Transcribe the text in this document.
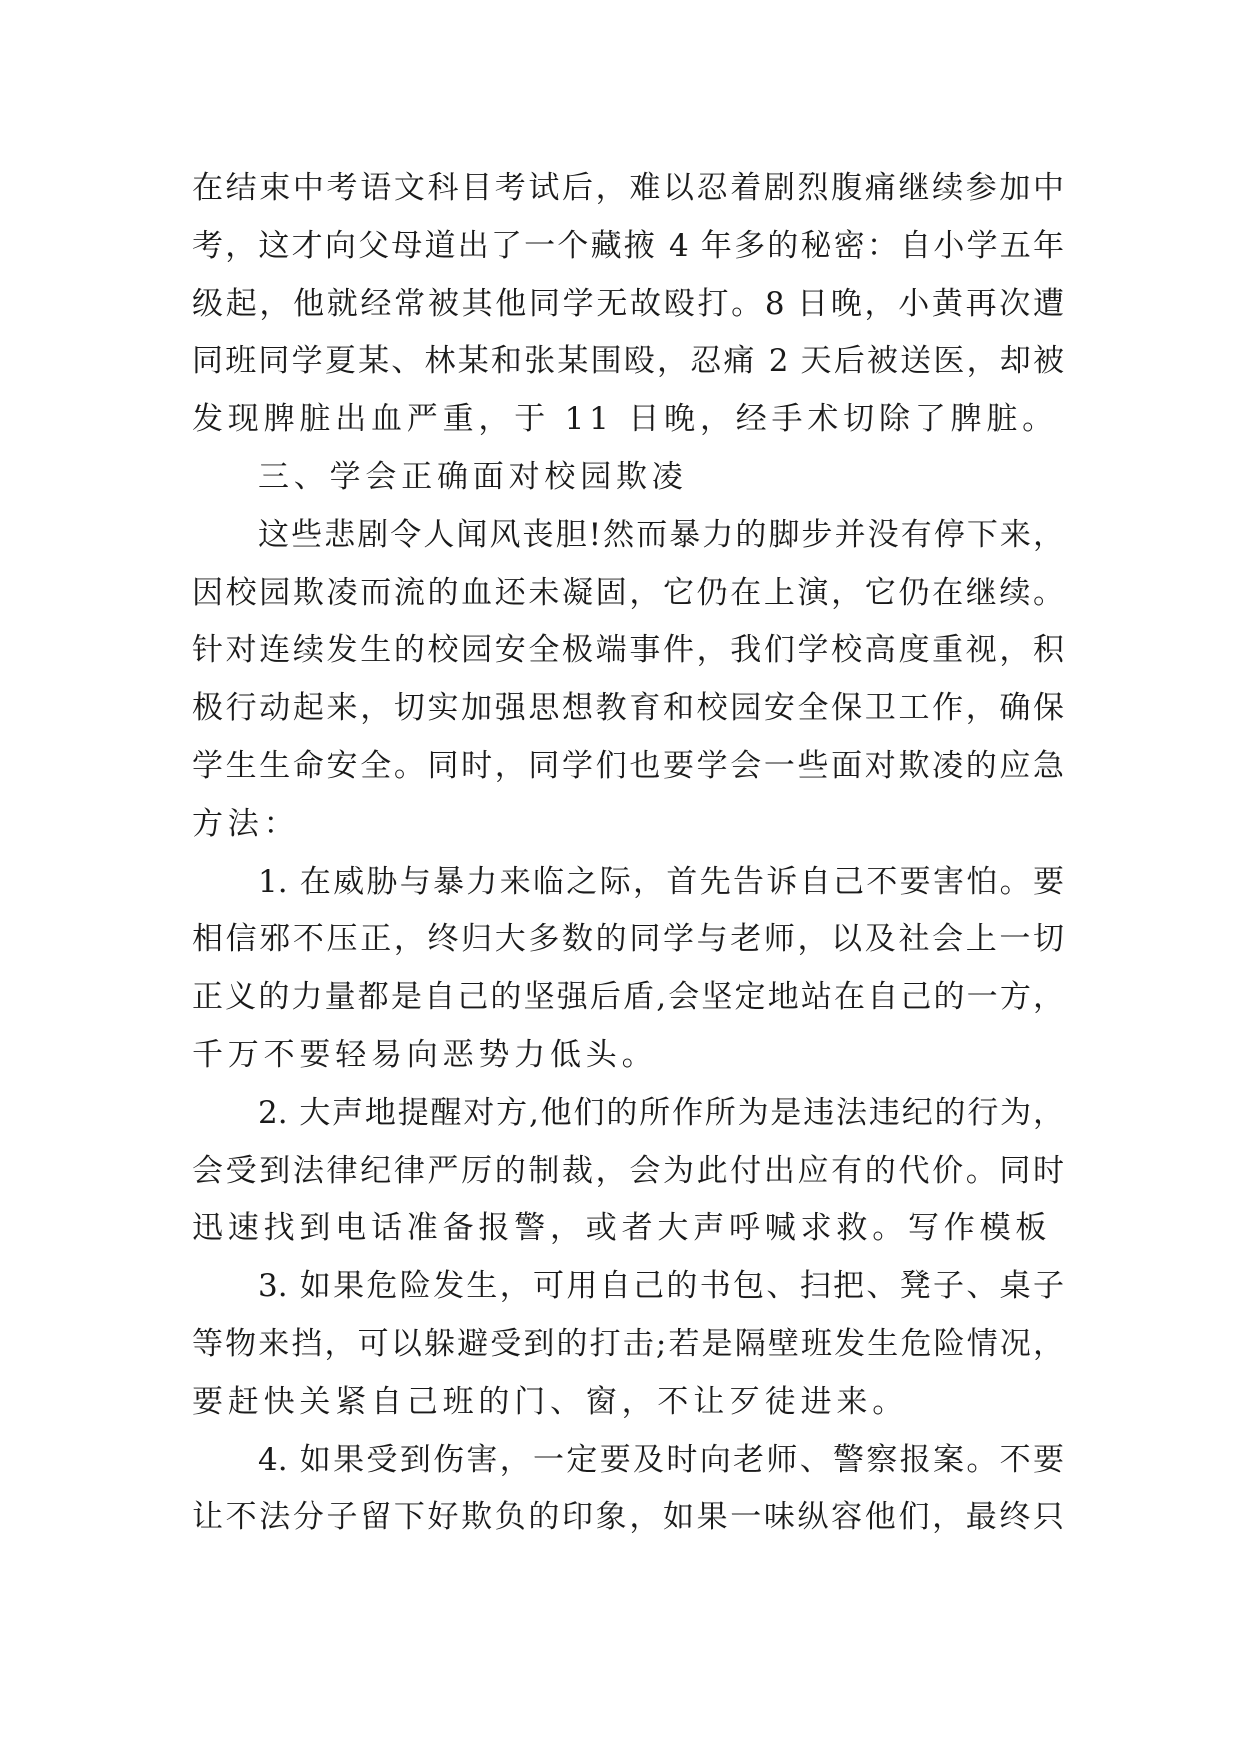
在结束中考语文科目考试后，难以忍着剧烈腹痛继续参加中
考，这才向父母道出了一个藏掖 4 年多的秘密：自小学五年
级起，他就经常被其他同学无故殴打。8 日晚，小黄再次遭
同班同学夏某、林某和张某围殴，忍痛 2 天后被送医，却被
发现脾脏出血严重，于 11 日晚，经手术切除了脾脏。
三、学会正确面对校园欺凌
这些悲剧令人闻风丧胆!然而暴力的脚步并没有停下来，
因校园欺凌而流的血还未凝固，它仍在上演，它仍在继续。
针对连续发生的校园安全极端事件，我们学校高度重视，积
极行动起来，切实加强思想教育和校园安全保卫工作，确保
学生生命安全。同时，同学们也要学会一些面对欺凌的应急
方法：
1. 在威胁与暴力来临之际，首先告诉自己不要害怕。要
相信邪不压正，终归大多数的同学与老师，以及社会上一切
正义的力量都是自己的坚强后盾,会坚定地站在自己的一方，
千万不要轻易向恶势力低头。
2. 大声地提醒对方,他们的所作所为是违法违纪的行为，
会受到法律纪律严厉的制裁，会为此付出应有的代价。同时
迅速找到电话准备报警，或者大声呼喊求救。写作模板
3. 如果危险发生，可用自己的书包、扫把、凳子、桌子
等物来挡，可以躲避受到的打击;若是隔壁班发生危险情况，
要赶快关紧自己班的门、窗，不让歹徒进来。
4. 如果受到伤害，一定要及时向老师、警察报案。不要
让不法分子留下好欺负的印象，如果一味纵容他们，最终只
